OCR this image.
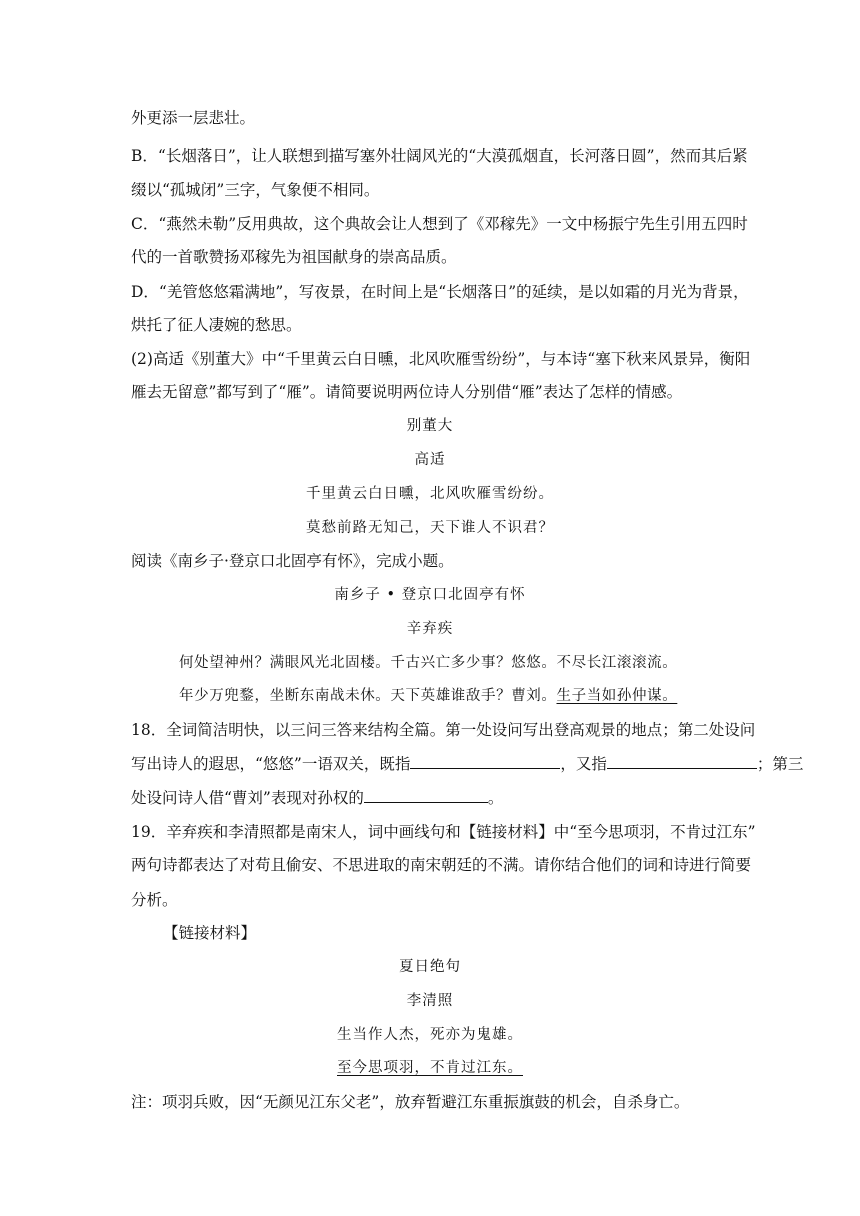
外更添一层悲壮。
B．“长烟落日”，让人联想到描写塞外壮阔风光的“大漠孤烟直，长河落日圆”，然而其后紧
缀以“孤城闭”三字，气象便不相同。
C．“燕然未勒”反用典故，这个典故会让人想到了《邓稼先》一文中杨振宁先生引用五四时
代的一首歌赞扬邓稼先为祖国献身的崇高品质。
D．“羌管悠悠霜满地”，写夜景，在时间上是“长烟落日”的延续，是以如霜的月光为背景，
烘托了征人凄婉的愁思。
(2)高适《别董大》中“千里黄云白日曛，北风吹雁雪纷纷”，与本诗“塞下秋来风景异，衡阳
雁去无留意”都写到了“雁”。请简要说明两位诗人分别借“雁”表达了怎样的情感。
别董大
高适
千里黄云白日曛，北风吹雁雪纷纷。
莫愁前路无知己，天下谁人不识君？
阅读《南乡子·登京口北固亭有怀》，完成小题。
南乡子 • 登京口北固亭有怀
辛弃疾
何处望神州？满眼风光北固楼。千古兴亡多少事？悠悠。不尽长江滚滚流。
年少万兜鍪，坐断东南战未休。天下英雄谁敌手？曹刘。生子当如孙仲谋。
18．全词简洁明快，以三问三答来结构全篇。第一处设问写出登高观景的地点；第二处设问
写出诗人的遐思，“悠悠”一语双关，既指	，又指	；第三
处设问诗人借“曹刘”表现对孙权的	。
19．辛弃疾和李清照都是南宋人，词中画线句和【链接材料】中“至今思项羽，不肯过江东”
两句诗都表达了对苟且偷安、不思进取的南宋朝廷的不满。请你结合他们的词和诗进行简要
分析。
【链接材料】
夏日绝句
李清照
生当作人杰，死亦为鬼雄。
至今思项羽，不肯过江东。
注：项羽兵败，因“无颜见江东父老”，放弃暂避江东重振旗鼓的机会，自杀身亡。
